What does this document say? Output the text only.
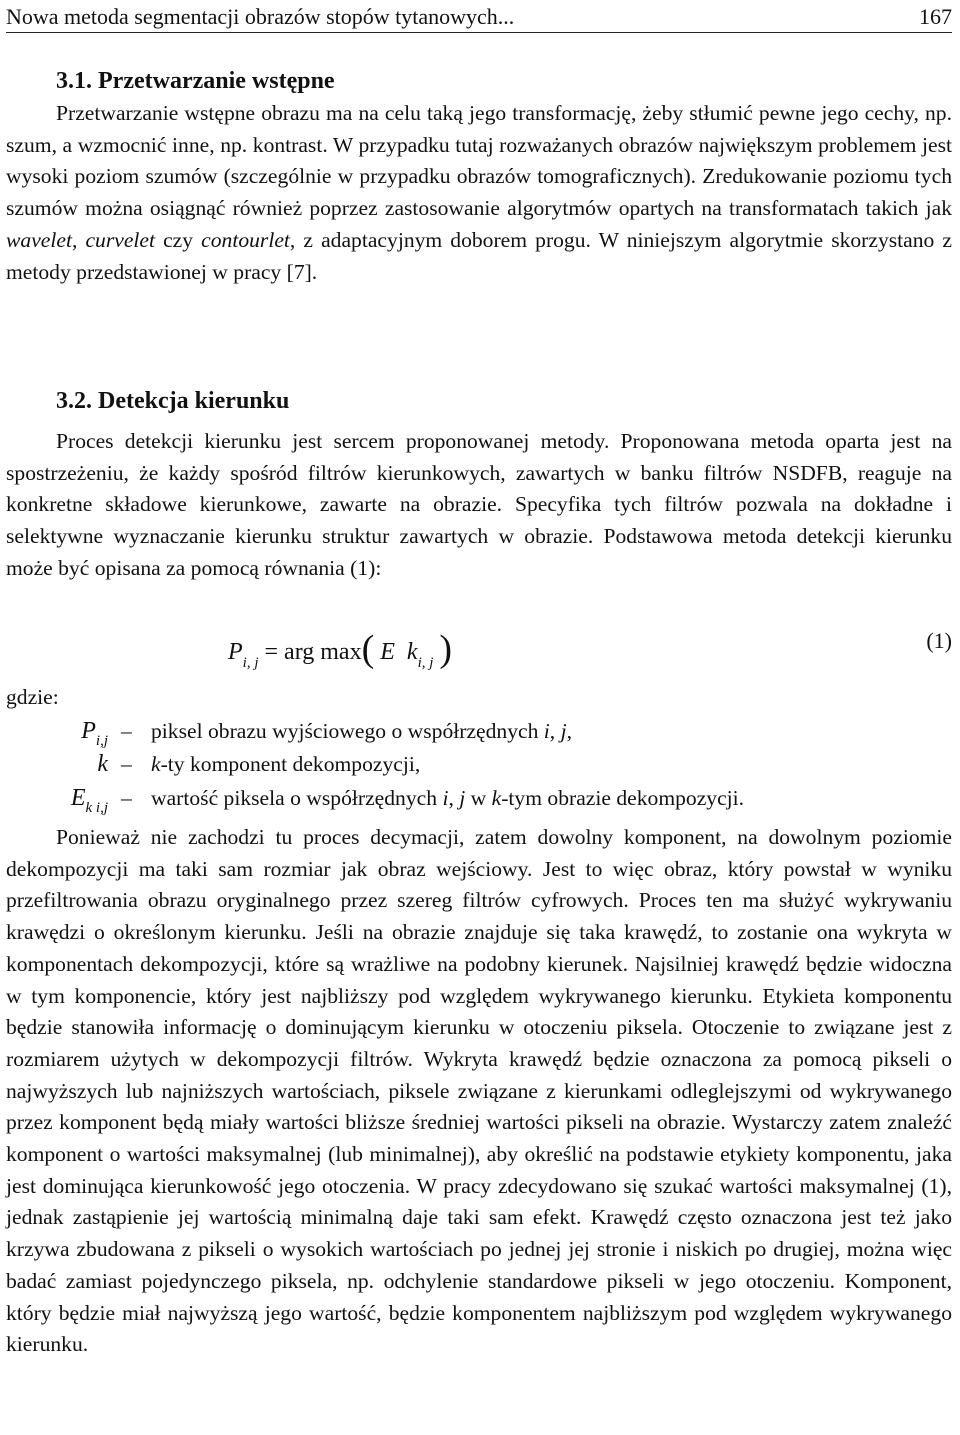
Nowa metoda segmentacji obrazów stopów tytanowych...	167
3.1. Przetwarzanie wstępne

Przetwarzanie wstępne obrazu ma na celu taką jego transformację, żeby stłumić pewne jego cechy, np. szum, a wzmocnić inne, np. kontrast. W przypadku tutaj rozważanych obrazów największym problemem jest wysoki poziom szumów (szczególnie w przypadku obrazów tomograficznych). Zredukowanie poziomu tych szumów można osiągnąć również poprzez zastosowanie algorytmów opartych na transformatach takich jak wavelet, curvelet czy contourlet, z adaptacyjnym doborem progu. W niniejszym algorytmie skorzystano z metody przedstawionej w pracy [7].

3.2. Detekcja kierunku

Proces detekcji kierunku jest sercem proponowanej metody. Proponowana metoda oparta jest na spostrzeżeniu, że każdy spośród filtrów kierunkowych, zawartych w banku filtrów NSDFB, reaguje na konkretne składowe kierunkowe, zawarte na obrazie. Specyfika tych filtrów pozwala na dokładne i selektywne wyznaczanie kierunku struktur zawartych w obrazie. Podstawowa metoda detekcji kierunku może być opisana za pomocą równania (1):

$P_{i, j}$ = arg max( E $k_{i, j}$ )	(1)
gdzie:
$P_{i,j}$ – piksel obrazu wyjściowego o współrzędnych i, j,
k – k-ty komponent dekompozycji,
$E_{k i,j}$ – wartość piksela o współrzędnych i, j w k-tym obrazie dekompozycji.

Ponieważ nie zachodzi tu proces decymacji, zatem dowolny komponent, na dowolnym poziomie dekompozycji ma taki sam rozmiar jak obraz wejściowy. Jest to więc obraz, który powstał w wyniku przefiltrowania obrazu oryginalnego przez szereg filtrów cyfrowych. Proces ten ma służyć wykrywaniu krawędzi o określonym kierunku. Jeśli na obrazie znajduje się taka krawędź, to zostanie ona wykryta w komponentach dekompozycji, które są wrażliwe na podobny kierunek. Najsilniej krawędź będzie widoczna w tym komponencie, który jest najbliższy pod względem wykrywanego kierunku. Etykieta komponentu będzie stanowiła informację o dominującym kierunku w otoczeniu piksela. Otoczenie to związane jest z rozmiarem użytych w dekompozycji filtrów. Wykryta krawędź będzie oznaczona za pomocą pikseli o najwyższych lub najniższych wartościach, piksele związane z kierunkami odleglejszymi od wykrywanego przez komponent będą miały wartości bliższe średniej wartości pikseli na obrazie. Wystarczy zatem znaleźć komponent o wartości maksymalnej (lub minimalnej), aby określić na podstawie etykiety komponentu, jaka jest dominująca kierunkowość jego otoczenia. W pracy zdecydowano się szukać wartości maksymalnej (1), jednak zastąpienie jej wartością minimalną daje taki sam efekt. Krawędź często oznaczona jest też jako krzywa zbudowana z pikseli o wysokich wartościach po jednej jej stronie i niskich po drugiej, można więc badać zamiast pojedynczego piksela, np. odchylenie standardowe pikseli w jego otoczeniu. Komponent, który będzie miał najwyższą jego wartość, będzie komponentem najbliższym pod względem wykrywanego kierunku.
